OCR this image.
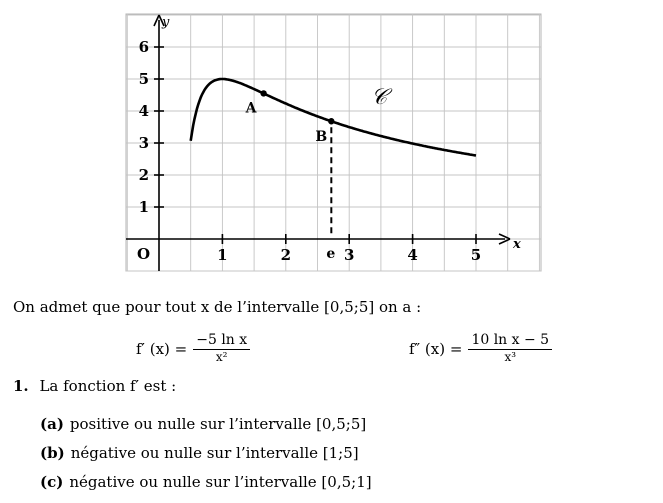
1	2	3	4	5
1
2
3
4
5
6
A
B
𝒞
e
O
y
x
On admet que pour tout x de l’intervalle [0,5;5] on a :
f′ $(x) = \frac{\text{−5 ln x}}{\text{x²}}$	f″ $(x) = \frac{\text{10 ln x − 5}}{\text{x³}}$
1. La fonction f′ est :
(a) positive ou nulle sur l’intervalle [0,5;5]
(b) négative ou nulle sur l’intervalle [1;5]
(c) négative ou nulle sur l’intervalle [0,5;1]
